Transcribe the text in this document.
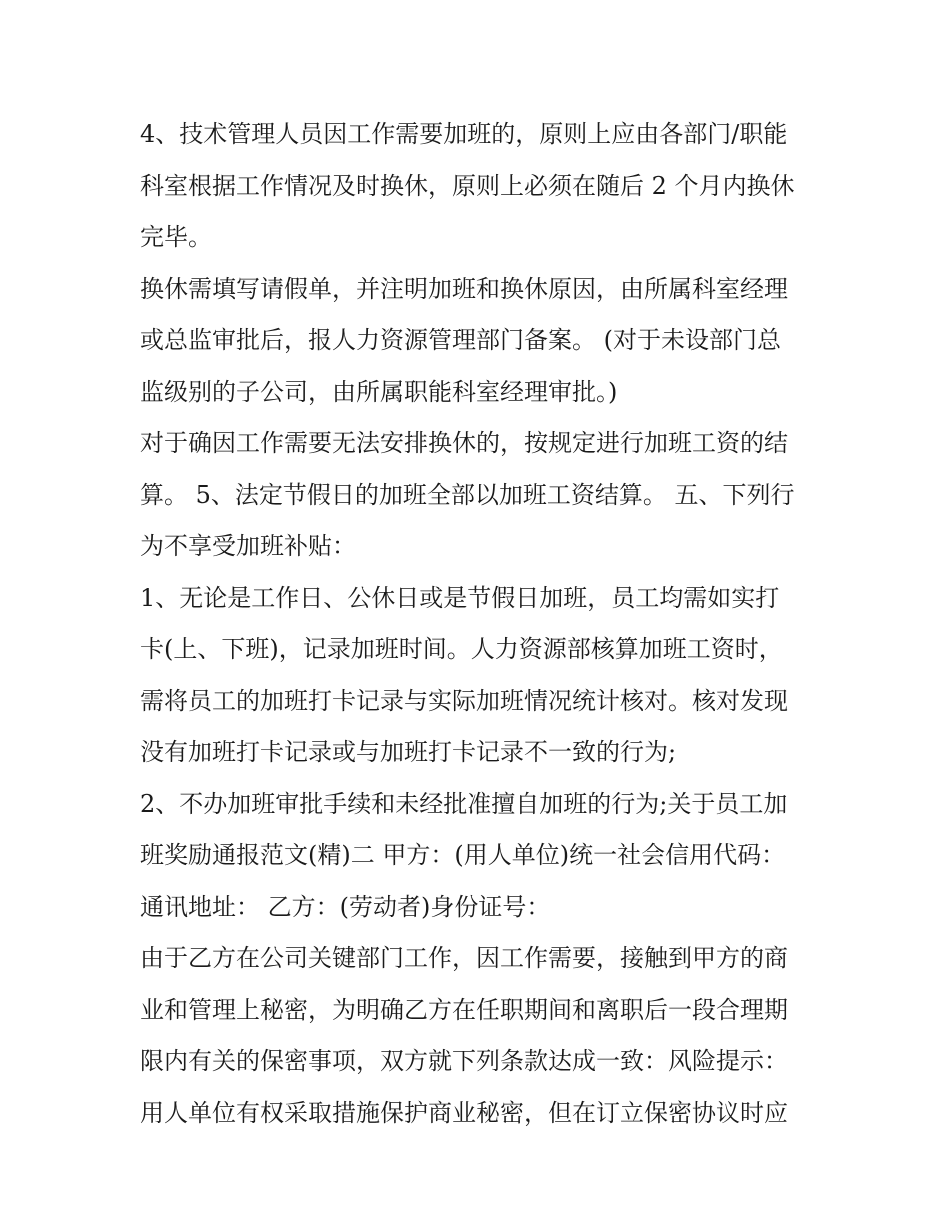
4、技术管理人员因工作需要加班的，原则上应由各部门/职能
科室根据工作情况及时换休，原则上必须在随后 2 个月内换休
完毕。
换休需填写请假单，并注明加班和换休原因，由所属科室经理
或总监审批后，报人力资源管理部门备案。 (对于未设部门总
监级别的子公司，由所属职能科室经理审批。)
对于确因工作需要无法安排换休的，按规定进行加班工资的结
算。 5、法定节假日的加班全部以加班工资结算。 五、下列行
为不享受加班补贴：
1、无论是工作日、公休日或是节假日加班，员工均需如实打
卡(上、下班)，记录加班时间。人力资源部核算加班工资时，
需将员工的加班打卡记录与实际加班情况统计核对。核对发现
没有加班打卡记录或与加班打卡记录不一致的行为;
2、不办加班审批手续和未经批准擅自加班的行为;关于员工加
班奖励通报范文(精)二 甲方：(用人单位)统一社会信用代码：
通讯地址： 乙方：(劳动者)身份证号：
由于乙方在公司关键部门工作，因工作需要，接触到甲方的商
业和管理上秘密，为明确乙方在任职期间和离职后一段合理期
限内有关的保密事项，双方就下列条款达成一致：风险提示：
用人单位有权采取措施保护商业秘密，但在订立保密协议时应
